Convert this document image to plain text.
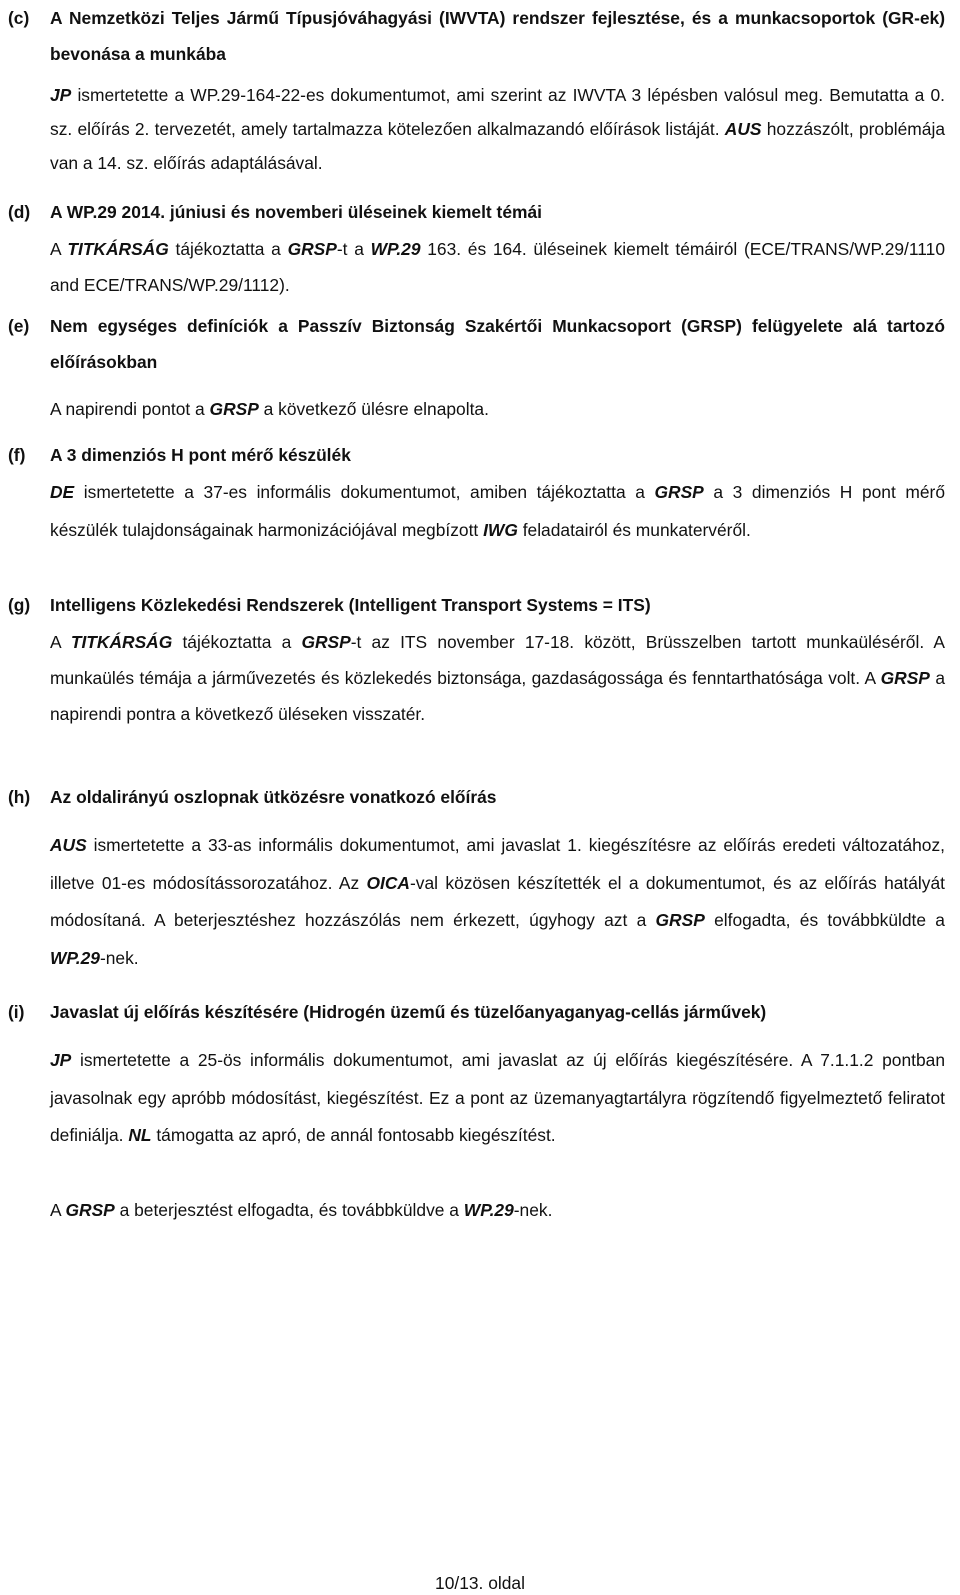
(c) A Nemzetközi Teljes Jármű Típusjóváhagyási (IWVTA) rendszer fejlesztése, és a munkacsoportok (GR-ek) bevonása a munkába
JP ismertetette a WP.29-164-22-es dokumentumot, ami szerint az IWVTA 3 lépésben valósul meg. Bemutatta a 0. sz. előírás 2. tervezetét, amely tartalmazza kötelezően alkalmazandó előírások listáját. AUS hozzászólt, problémája van a 14. sz. előírás adaptálásával.
(d) A WP.29 2014. júniusi és novemberi üléseinek kiemelt témái
A TITKÁRSÁG tájékoztatta a GRSP-t a WP.29 163. és 164. üléseinek kiemelt témáiról (ECE/TRANS/WP.29/1110 and ECE/TRANS/WP.29/1112).
(e) Nem egységes definíciók a Passzív Biztonság Szakértői Munkacsoport (GRSP) felügyelete alá tartozó előírásokban
A napirendi pontot a GRSP a következő ülésre elnapolta.
(f) A 3 dimenziós H pont mérő készülék
DE ismertetette a 37-es informális dokumentumot, amiben tájékoztatta a GRSP a 3 dimenziós H pont mérő készülék tulajdonságainak harmonizációjával megbízott IWG feladatairól és munkatervéről.
(g) Intelligens Közlekedési Rendszerek (Intelligent Transport Systems = ITS)
A TITKÁRSÁG tájékoztatta a GRSP-t az ITS november 17-18. között, Brüsszelben tartott munkaüléséről. A munkaülés témája a járművezetés és közlekedés biztonsága, gazdaságossága és fenntarthatósága volt. A GRSP a napirendi pontra a következő üléseken visszatér.
(h) Az oldalirányú oszlopnak ütközésre vonatkozó előírás
AUS ismertetette a 33-as informális dokumentumot, ami javaslat 1. kiegészítésre az előírás eredeti változatához, illetve 01-es módosítássorozatához. Az OICA-val közösen készítették el a dokumentumot, és az előírás hatályát módosítaná. A beterjesztéshez hozzászólás nem érkezett, úgyhogy azt a GRSP elfogadta, és továbbküldte a WP.29-nek.
(i) Javaslat új előírás készítésére (Hidrogén üzemű és tüzelőanyaganyag-cellás járművek)
JP ismertetette a 25-ös informális dokumentumot, ami javaslat az új előírás kiegészítésére. A 7.1.1.2 pontban javasolnak egy apróbb módosítást, kiegészítést. Ez a pont az üzemanyagtartályra rögzítendő figyelmeztető feliratot definiálja. NL támogatta az apró, de annál fontosabb kiegészítést.
A GRSP a beterjesztést elfogadta, és továbbküldve a WP.29-nek.
10/13. oldal
